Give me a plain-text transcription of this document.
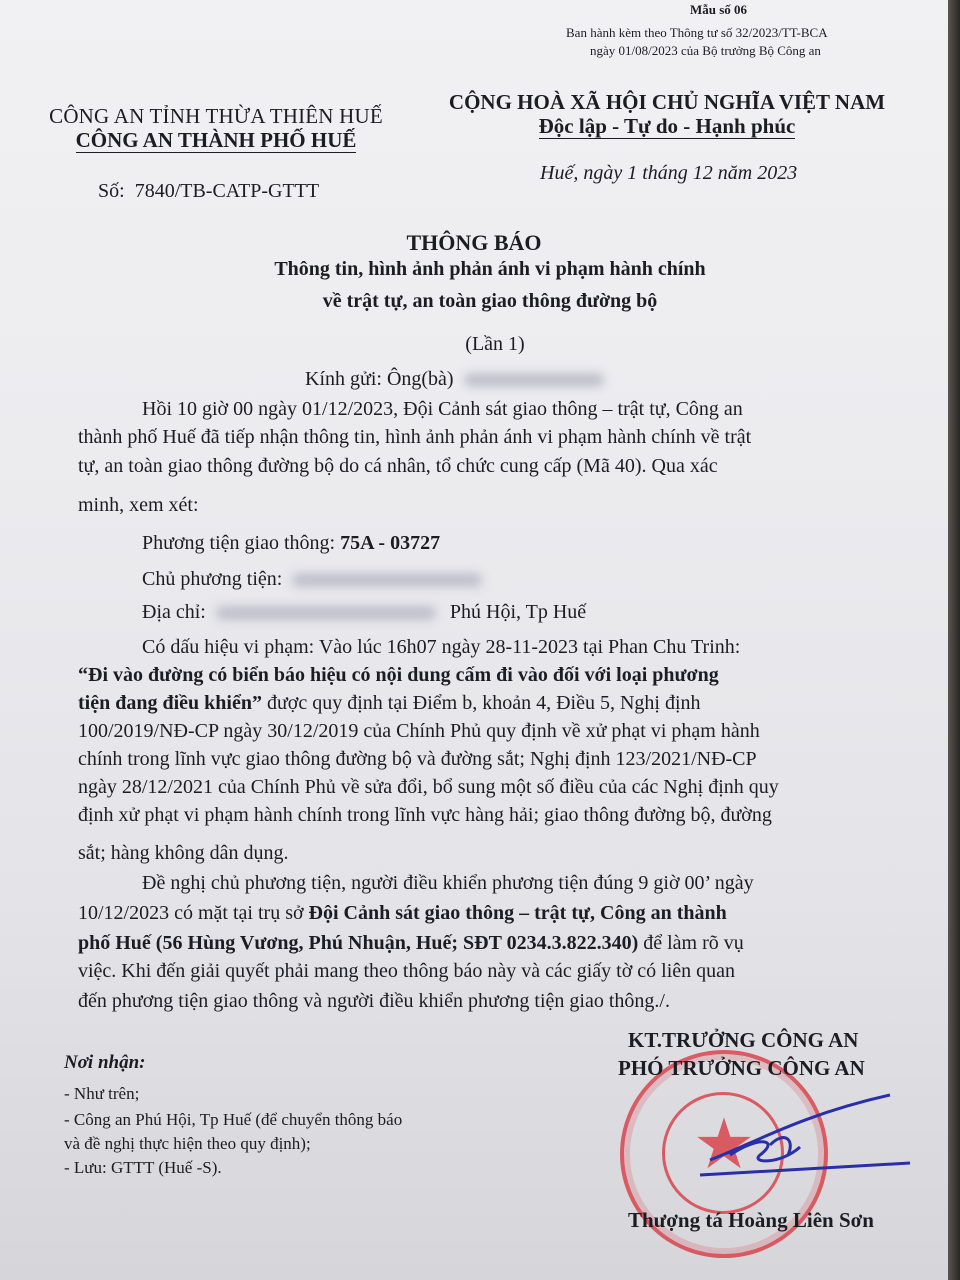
Mẫu số 06
Ban hành kèm theo Thông tư số 32/2023/TT-BCA
ngày 01/08/2023 của Bộ trưởng Bộ Công an
CÔNG AN TỈNH THỪA THIÊN HUẾ
CÔNG AN THÀNH PHỐ HUẾ
CỘNG HOÀ XÃ HỘI CHỦ NGHĨA VIỆT NAM
Độc lập - Tự do - Hạnh phúc
Số: 7840/TB-CATP-GTTT
Huế, ngày 1 tháng 12 năm 2023
THÔNG BÁO
Thông tin, hình ảnh phản ánh vi phạm hành chính
về trật tự, an toàn giao thông đường bộ
(Lần 1)
Kính gửi: Ông(bà)
Hồi 10 giờ 00 ngày 01/12/2023, Đội Cảnh sát giao thông – trật tự, Công an
thành phố Huế đã tiếp nhận thông tin, hình ảnh phản ánh vi phạm hành chính về trật
tự, an toàn giao thông đường bộ do cá nhân, tổ chức cung cấp (Mã 40). Qua xác
minh, xem xét:
Phương tiện giao thông: 75A - 03727
Chủ phương tiện:
Địa chỉ:	Phú Hội, Tp Huế
Có dấu hiệu vi phạm: Vào lúc 16h07 ngày 28-11-2023 tại Phan Chu Trinh:
“Đi vào đường có biển báo hiệu có nội dung cấm đi vào đối với loại phương
tiện đang điều khiển” được quy định tại Điểm b, khoản 4, Điều 5, Nghị định
100/2019/NĐ-CP ngày 30/12/2019 của Chính Phủ quy định về xử phạt vi phạm hành
chính trong lĩnh vực giao thông đường bộ và đường sắt; Nghị định 123/2021/NĐ-CP
ngày 28/12/2021 của Chính Phủ về sửa đổi, bổ sung một số điều của các Nghị định quy
định xử phạt vi phạm hành chính trong lĩnh vực hàng hải; giao thông đường bộ, đường
sắt; hàng không dân dụng.
Đề nghị chủ phương tiện, người điều khiển phương tiện đúng 9 giờ 00’ ngày
10/12/2023 có mặt tại trụ sở Đội Cảnh sát giao thông – trật tự, Công an thành
phố Huế (56 Hùng Vương, Phú Nhuận, Huế; SĐT 0234.3.822.340) để làm rõ vụ
việc. Khi đến giải quyết phải mang theo thông báo này và các giấy tờ có liên quan
đến phương tiện giao thông và người điều khiển phương tiện giao thông./.
Nơi nhận:
- Như trên;
- Công an Phú Hội, Tp Huế (để chuyển thông báo
và đề nghị thực hiện theo quy định);
- Lưu: GTTT (Huế -S).	★
KT.TRƯỞNG CÔNG AN
PHÓ TRƯỞNG CÔNG AN
Thượng tá Hoàng Liên Sơn
